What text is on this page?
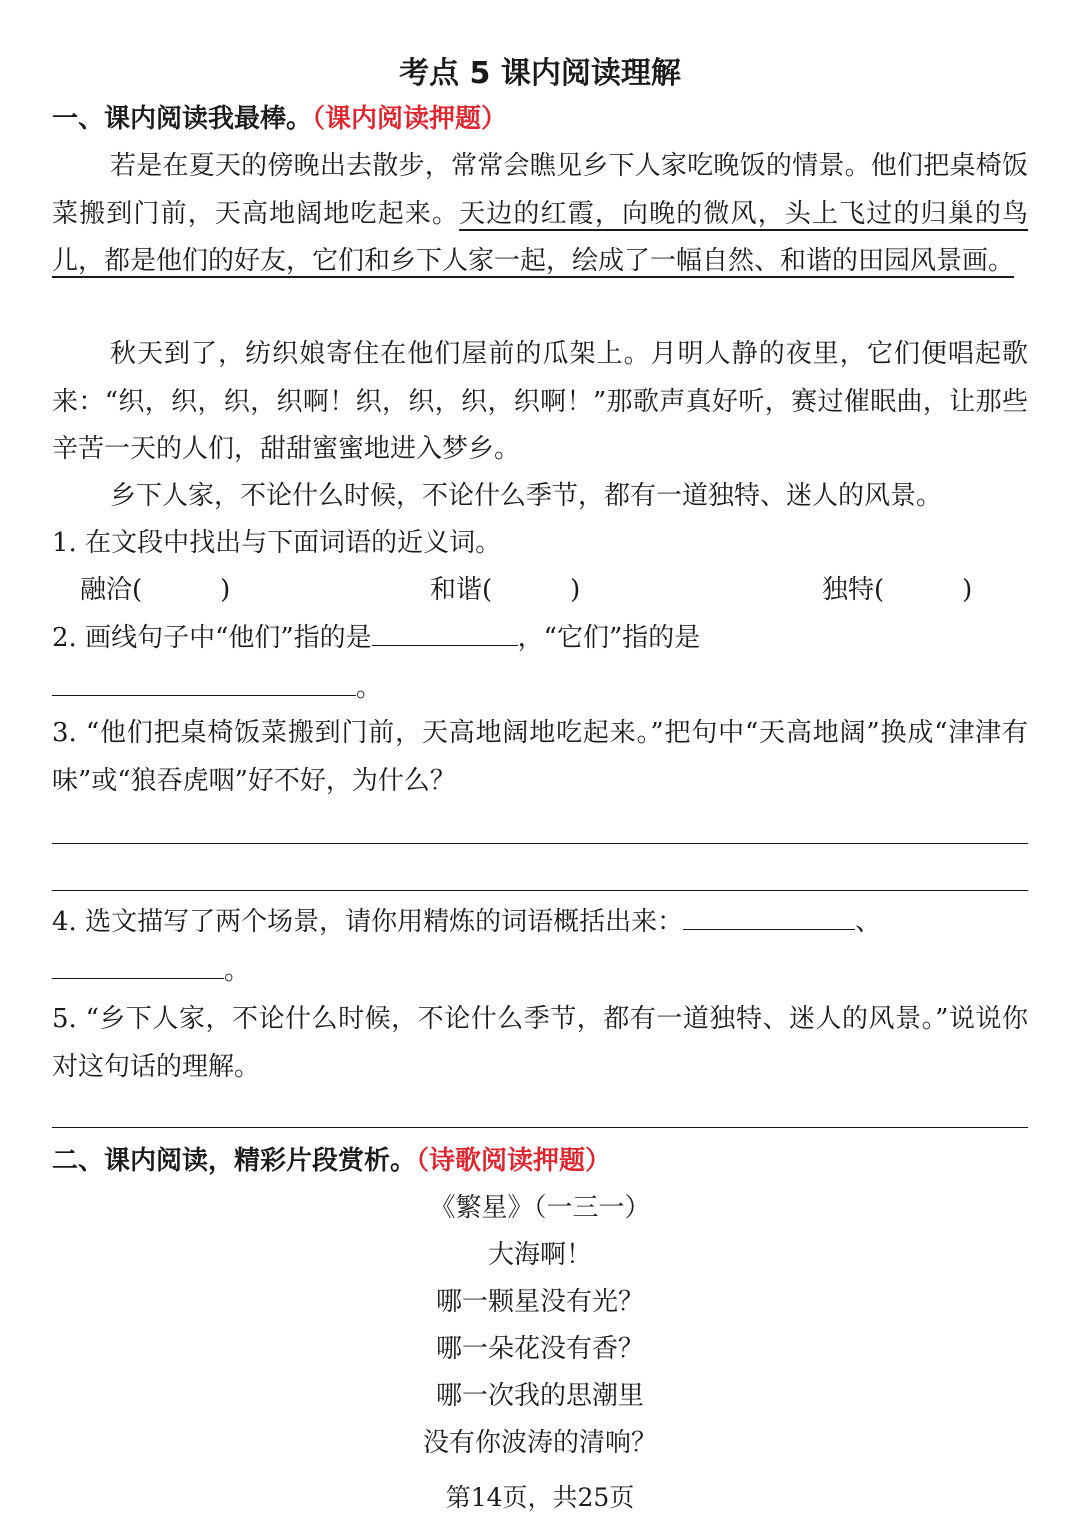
考点 5 课内阅读理解
一、课内阅读我最棒。（课内阅读押题）
若是在夏天的傍晚出去散步，常常会瞧见乡下人家吃晚饭的情景。他们把桌椅饭菜搬到门前，天高地阔地吃起来。天边的红霞，向晚的微风，头上飞过的归巢的鸟儿，都是他们的好友，它们和乡下人家一起，绘成了一幅自然、和谐的田园风景画。
秋天到了，纺织娘寄住在他们屋前的瓜架上。月明人静的夜里，它们便唱起歌来：“织，织，织，织啊！织，织，织，织啊！”那歌声真好听，赛过催眠曲，让那些辛苦一天的人们，甜甜蜜蜜地进入梦乡。
乡下人家，不论什么时候，不论什么季节，都有一道独特、迷人的风景。
1. 在文段中找出与下面词语的近义词。
融洽(	)	和谐(	)	独特(	)
2. 画线句子中“他们”指的是	，“它们”指的是
。
3. “他们把桌椅饭菜搬到门前，天高地阔地吃起来。”把句中“天高地阔”换成“津津有味”或“狼吞虎咽”好不好，为什么？
4. 选文描写了两个场景，请你用精炼的词语概括出来：	、
。
5. “乡下人家，不论什么时候，不论什么季节，都有一道独特、迷人的风景。”说说你对这句话的理解。
二、课内阅读，精彩片段赏析。（诗歌阅读押题）
《繁星》（一三一）
大海啊！
哪一颗星没有光？
哪一朵花没有香？
哪一次我的思潮里
没有你波涛的清响？
第14页，共25页
